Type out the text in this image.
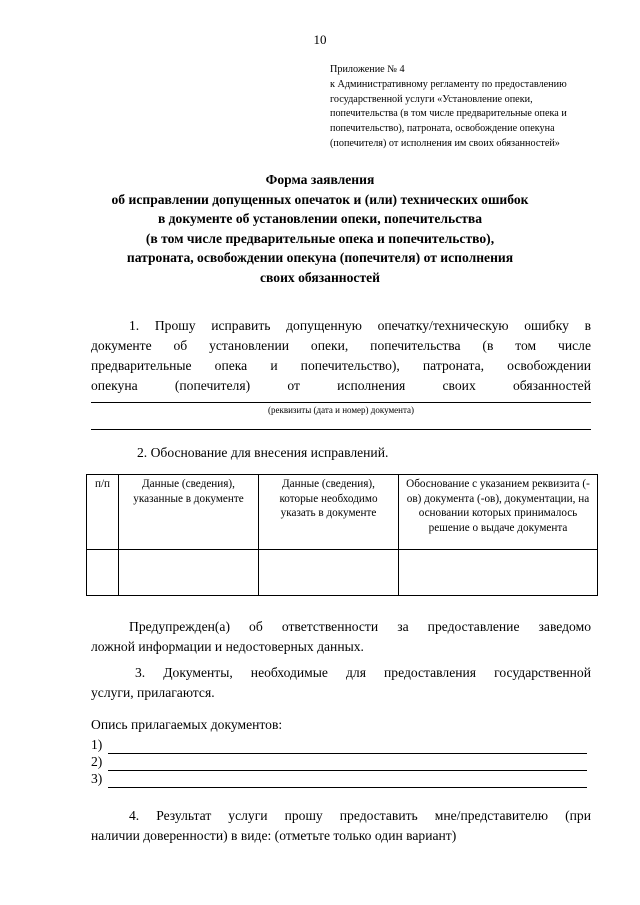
10
Приложение № 4
к Административному регламенту по предоставлению
государственной услуги «Установление опеки,
попечительства (в том числе предварительные опека и
попечительство), патроната, освобождение опекуна
(попечителя) от исполнения им своих обязанностей»
Форма заявления
об исправлении допущенных опечаток и (или) технических ошибок
в документе об установлении опеки, попечительства
(в том числе предварительные опека и попечительство),
патроната, освобождении опекуна (попечителя) от исполнения
своих обязанностей
1. Прошу исправить допущенную опечатку/техническую ошибку в
документе об установлении опеки, попечительства (в том числе
предварительные опека и попечительство), патроната, освобождении
опекуна (попечителя) от исполнения своих обязанностей
(реквизиты (дата и номер) документа)
2. Обоснование для внесения исправлений.
п/п	Данные (сведения), указанные в документе	Данные (сведения), которые необходимо указать в документе	Обоснование с указанием реквизита (-ов) документа (-ов), документации, на основании которых принималось решение о выдаче документа

Предупрежден(а) об ответственности за предоставление заведомо
ложной информации и недостоверных данных.
3. Документы, необходимые для предоставления государственной
услуги, прилагаются.
Опись прилагаемых документов:
1)
2)
3)
4. Результат услуги прошу предоставить мне/представителю (при
наличии доверенности) в виде: (отметьте только один вариант)
